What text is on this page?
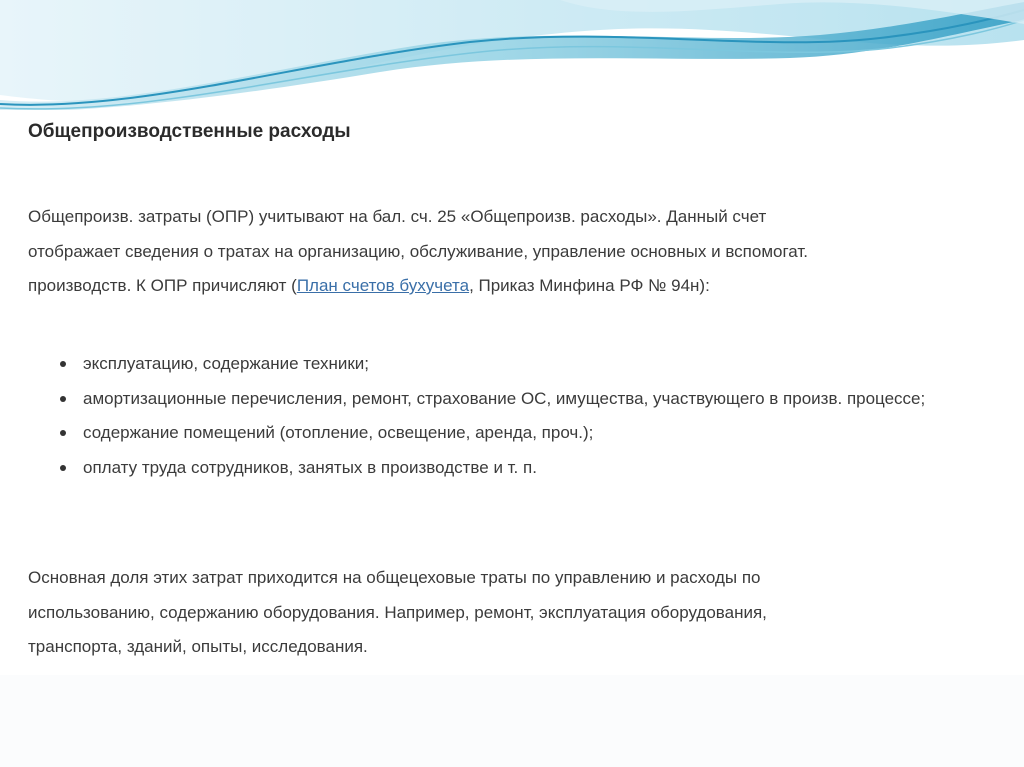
Общепроизводственные расходы

Общепроизв. затраты (ОПР) учитывают на бал. сч. 25 «Общепроизв. расходы». Данный счет
отображает сведения о тратах на организацию, обслуживание, управление основных и вспомогат.
производств. К ОПР причисляют (План счетов бухучета, Приказ Минфина РФ № 94н):

эксплуатацию, содержание техники;
амортизационные перечисления, ремонт, страхование ОС, имущества, участвующего в произв. процессе;
содержание помещений (отопление, освещение, аренда, проч.);
оплату труда сотрудников, занятых в производстве и т. п.

Основная доля этих затрат приходится на общецеховые траты по управлению и расходы по
использованию, содержанию оборудования. Например, ремонт, эксплуатация оборудования,
транспорта, зданий, опыты, исследования.
